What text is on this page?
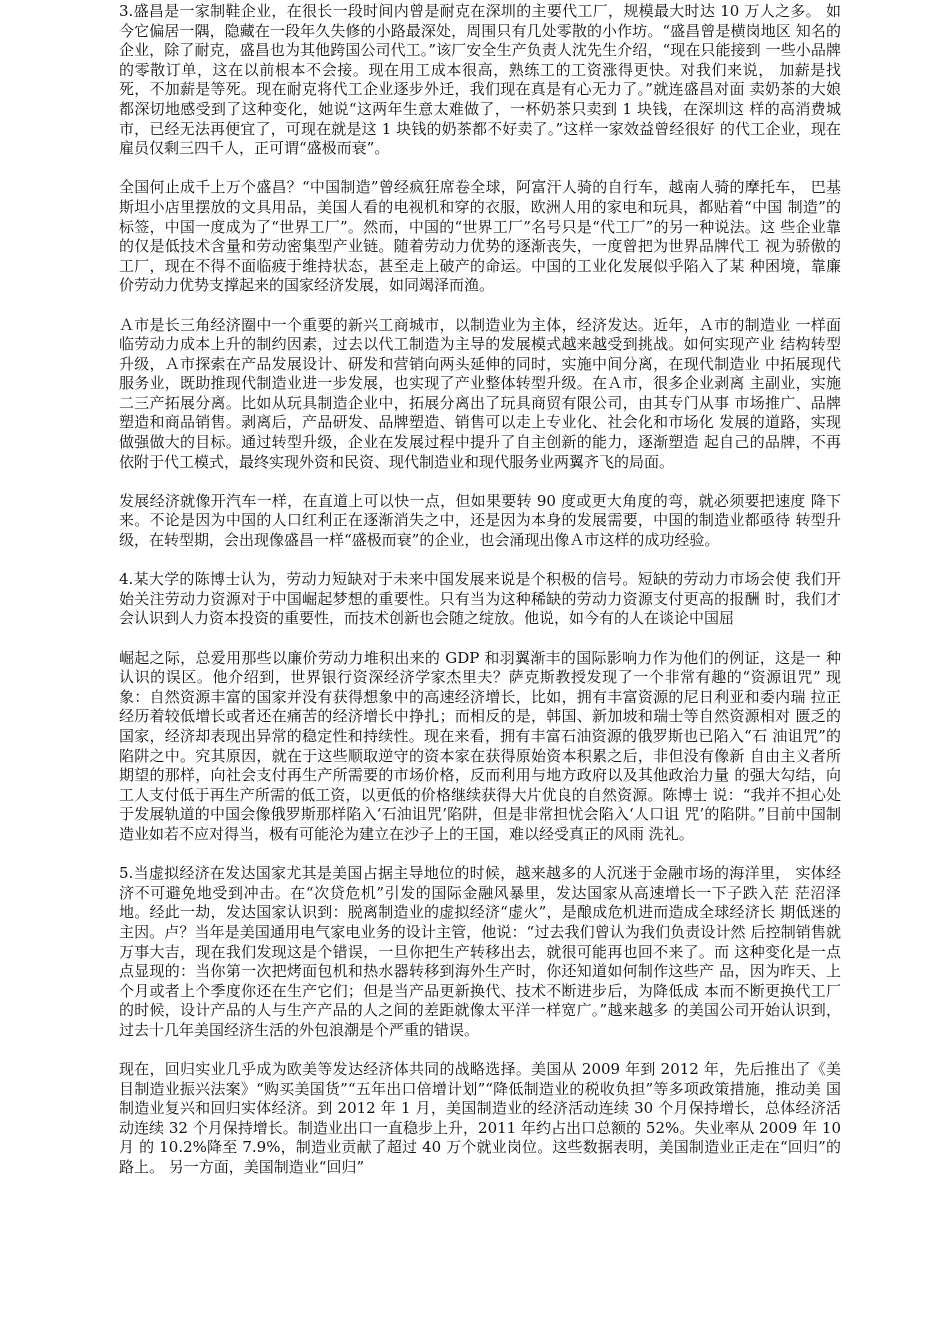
3.盛昌是一家制鞋企业，在很长一段时间内曾是耐克在深圳的主要代工厂，规模最大时达 10 万人之多。 如今它偏居一隅，隐藏在一段年久失修的小路最深处，周围只有几处零散的小作坊。“盛昌曾是横岗地区 知名的企业，除了耐克，盛昌也为其他跨国公司代工。”该厂安全生产负责人沈先生介绍，“现在只能接到 一些小品牌的零散订单，这在以前根本不会接。现在用工成本很高，熟练工的工资涨得更快。对我们来说， 加薪是找死，不加薪是等死。现在耐克将代工企业逐步外迁，我们现在真是有心无力了。”就连盛昌对面 卖奶茶的大娘都深切地感受到了这种变化，她说“这两年生意太难做了，一杯奶茶只卖到 1 块钱，在深圳这 样的高消费城市，已经无法再便宜了，可现在就是这 1 块钱的奶茶都不好卖了。”这样一家效益曾经很好 的代工企业，现在雇员仅剩三四千人，正可谓“盛极而衰”。

全国何止成千上万个盛昌？“中国制造”曾经疯狂席卷全球，阿富汗人骑的自行车，越南人骑的摩托车， 巴基斯坦小店里摆放的文具用品，美国人看的电视机和穿的衣服，欧洲人用的家电和玩具，都贴着“中国 制造”的标签，中国一度成为了“世界工厂”。然而，中国的“世界工厂”名号只是“代工厂”的另一种说法。这 些企业靠的仅是低技术含量和劳动密集型产业链。随着劳动力优势的逐渐丧失，一度曾把为世界品牌代工 视为骄傲的工厂，现在不得不面临疲于维持状态，甚至走上破产的命运。中国的工业化发展似乎陷入了某 种困境，靠廉价劳动力优势支撑起来的国家经济发展，如同竭泽而渔。

Ａ市是长三角经济圈中一个重要的新兴工商城市，以制造业为主体，经济发达。近年，Ａ市的制造业 一样面临劳动力成本上升的制约因素，过去以代工制造为主导的发展模式越来越受到挑战。如何实现产业 结构转型升级，Ａ市探索在产品发展设计、研发和营销向两头延伸的同时，实施中间分离，在现代制造业 中拓展现代服务业，既助推现代制造业进一步发展，也实现了产业整体转型升级。在Ａ市，很多企业剥离 主副业，实施二三产拓展分离。比如从玩具制造企业中，拓展分离出了玩具商贸有限公司，由其专门从事 市场推广、品牌塑造和商品销售。剥离后，产品研发、品牌塑造、销售可以走上专业化、社会化和市场化 发展的道路，实现做强做大的目标。通过转型升级，企业在发展过程中提升了自主创新的能力，逐渐塑造 起自己的品牌，不再依附于代工模式，最终实现外资和民资、现代制造业和现代服务业两翼齐飞的局面。

发展经济就像开汽车一样，在直道上可以快一点，但如果要转 90 度或更大角度的弯，就必须要把速度 降下来。不论是因为中国的人口红利正在逐渐消失之中，还是因为本身的发展需要，中国的制造业都亟待 转型升级，在转型期，会出现像盛昌一样“盛极而衰”的企业，也会涌现出像Ａ市这样的成功经验。

4.某大学的陈博士认为，劳动力短缺对于未来中国发展来说是个积极的信号。短缺的劳动力市场会使 我们开始关注劳动力资源对于中国崛起梦想的重要性。只有当为这种稀缺的劳动力资源支付更高的报酬 时，我们才会认识到人力资本投资的重要性，而技术创新也会随之绽放。他说，如今有的人在谈论中国屈

崛起之际，总爱用那些以廉价劳动力堆积出来的 GDP 和羽翼渐丰的国际影响力作为他们的例证，这是一 种认识的误区。他介绍到，世界银行资深经济学家杰里夫？萨克斯教授发现了一个非常有趣的“资源诅咒” 现象：自然资源丰富的国家并没有获得想象中的高速经济增长，比如，拥有丰富资源的尼日利亚和委内瑞 拉正经历着较低增长或者还在痛苦的经济增长中挣扎；而相反的是，韩国、新加坡和瑞士等自然资源相对 匮乏的国家，经济却表现出异常的稳定性和持续性。现在来看，拥有丰富石油资源的俄罗斯也已陷入“石 油诅咒”的陷阱之中。究其原因，就在于这些顺取逆守的资本家在获得原始资本积累之后，非但没有像新 自由主义者所期望的那样，向社会支付再生产所需要的市场价格，反而利用与地方政府以及其他政治力量 的强大勾结，向工人支付低于再生产所需的低工资，以更低的价格继续获得大片优良的自然资源。陈博士 说：“我并不担心处于发展轨道的中国会像俄罗斯那样陷入‘石油诅咒’陷阱，但是非常担忧会陷入‘人口诅 咒’的陷阱。”目前中国制造业如若不应对得当，极有可能沦为建立在沙子上的王国，难以经受真正的风雨 洗礼。

5.当虚拟经济在发达国家尤其是美国占据主导地位的时候，越来越多的人沉迷于金融市场的海洋里， 实体经济不可避免地受到冲击。在“次贷危机”引发的国际金融风暴里，发达国家从高速增长一下子跌入茫 茫沼泽地。经此一劫，发达国家认识到：脱离制造业的虚拟经济“虚火”，是酿成危机进而造成全球经济长 期低迷的主因。卢？当年是美国通用电气家电业务的设计主管，他说：“过去我们曾认为我们负责设计然 后控制销售就万事大吉，现在我们发现这是个错误，一旦你把生产转移出去，就很可能再也回不来了。而 这种变化是一点点显现的：当你第一次把烤面包机和热水器转移到海外生产时，你还知道如何制作这些产 品，因为昨天、上个月或者上个季度你还在生产它们；但是当产品更新换代、技术不断进步后，为降低成 本而不断更换代工厂的时候，设计产品的人与生产产品的人之间的差距就像太平洋一样宽广。”越来越多 的美国公司开始认识到，过去十几年美国经济生活的外包浪潮是个严重的错误。

现在，回归实业几乎成为欧美等发达经济体共同的战略选择。美国从 2009 年到 2012 年，先后推出了《美 目制造业振兴法案》“购买美国货”“五年出口倍增计划”“降低制造业的税收负担”等多项政策措施，推动美 国制造业复兴和回归实体经济。到 2012 年 1 月，美国制造业的经济活动连续 30 个月保持增长，总体经济活 动连续 32 个月保持增长。制造业出口一直稳步上升，2011 年约占出口总额的 52%。失业率从 2009 年 10 月 的 10.2%降至 7.9%，制造业贡献了超过 40 万个就业岗位。这些数据表明，美国制造业正走在“回归”的路上。 另一方面，美国制造业“回归”
